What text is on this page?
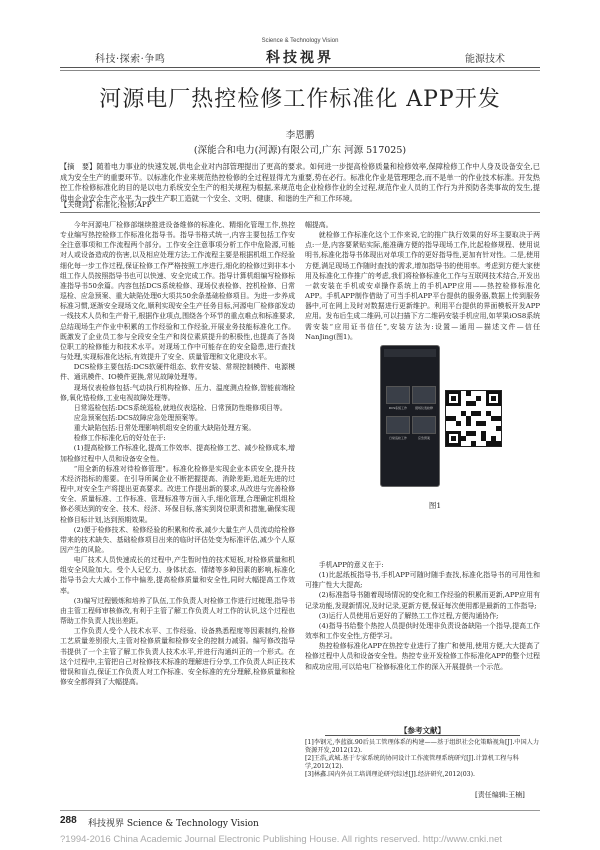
科技·探索·争鸣
Science & Technology Vision
科技视界	能源技术
河源电厂热控检修工作标准化 APP开发
李恩鹏
(深能合和电力(河源)有限公司,广东 河源 517025)
【摘　要】随着电力事业的快速发展,供电企业对内部管理提出了更高的要求。如何进一步提高检修质量和检修效率,保障检修工作中人身及设备安全,已成为安全生产的重要环节。以标准化作业来规范热控检修的全过程显得尤为重要,势在必行。标准化作业是管理理念,而不是单一的作业技术标准。开发热控工作检修标准化的目的是以电力系统安全生产的相关规程为根据,来规范电企业检修作业的全过程,规范作业人员的工作行为并预防各类事故的发生,提供电企业安全生产水平,为一线生产职工造就一个安全、文明、健康、和谐的生产和工作环境。
【关键词】标准化;检修;APP

今年河源电厂检修部继续推进设备维修的标准化、精细化管理工作,热控专业编写热控检修工作标准化指导书。指导书格式统一,内容主要包括工作安全注意事项和工作流程两个部分。工作安全注意事项分析工作中危险源,可能对人或设备造成的伤害,以及相应处理方法;工作流程主要是根据机组工作经验细化每一步工作过程,保证检修工作严格按照工序进行,细化的检修过到非本小组工作人员按照指导书也可以快速、安全完成工作。指导计算机组编写检修标准指导书50余篇。内容包括DCS系统检修、现场仪表检修、控机检修、日常巡检、应急预案、重大缺陷处理6大项共50余条基础检修项目。为进一步养成标准习惯,逐渐安全现场文化,顺利实现安全生产任务目标,河源电厂检修部发动一线技术人员和生产骨干,根据作业项点,围绕各个环节的重点难点和标准要求,总结现场生产作业中积累的工作经验和工作经验,开展业务技能标准化工作。既激发了企业员工参与全段安全生产和岗位素质提升的积极性,也提高了各岗位职工的检修能力和技术水平。对现场工作中可能存在的安全隐患,进行查找与处理,实现标准化达标,有效提升了安全、质量管理和文化建设水平。

DCS检修主要包括:DCS软硬件组态、软件安装、常规控制模件、电源模件、通讯模件、IO模件更换,常见故障处理等。

现场仪表检修包括:气动执行机构检修、压力、温度测点检修,智能前端检修,氧化锆检修,工业电视故障处理等。

日常巡检包括:DCS系统巡检,就地仪表巡检、日常预防性维修项目等。

应急预案包括:DCS故障应急处理预案等。

重大缺陷包括:日常处理影响机组安全的重大缺陷处理方案。

检修工作标准化后的好处在于:

(1)提高检修工作标准化,提高工作效率、提高检修工艺、减少检修成本,增加检修过程中人员和设备安全性。

“用全新的标准对待检修管理”。标准化检修是实现企业本质安全,提升技术经济指标的需要。在引导所属企业不断把握提高、消除差距,追赶先进的过程中,对安全生产将提出更高要求。改进工作提出新的要求,从改进与完善检修安全、质量标准、工作标准、管理标准等方面入手,细化管理,合理确定机组检修必须达到的安全、技术、经济、环保目标,落实到岗位职责和措施,确保实现检修目标计划,达到预期效果。

(2)便于检修技术、检修经验的积累和传承,减少大量生产人员流动给检修带来的技术缺失、基础检修项目出来的临时评估处变为标准评估,减少个人原因产生的风险。

电厂技术人员快速成长的过程中,产生暂时性的技术短板,对检修质量和机组安全风险加大。受个人记忆力、身体状态、情绪等多种因素的影响,标准化指导书会大大减小工作中偏差,提高检修质量和安全性,同时大幅提高工作效率。

(3)编写过程锻炼和培养了队伍,工作负责人对检修工作进行过梳理,指导书由主管工程师审核修改,有利于主管了解工作负责人对工作的认识,这个过程也帮助工作负责人找出差距。

工作负责人受个人技术水平、工作经验、设备熟悉程度等因素制约,检修工艺质量差别很大,主管对检修质量和检修安全的控制力减弱。编写修改指导书提供了一个主管了解工作负责人技术水平,并进行沟通纠正的一个形式。在这个过程中,主管把自己对检修技术标准的理解进行分享,工作负责人纠正技术错误和盲点,保证工作负责人对工作标准、安全标准的充分理解,检修质量和检修安全都得到了大幅提高。

帼提高。

就检修工作标准化这个工作来说,它的推广执行效果的好坏主要取决于两点:一是,内容要紧贴实际,能准确方便的指导现场工作,比起检修规程、使用说明书,标准化指导书体现出对单项工作的更好指导性,更加有针对性。二是,使用方便,满足现场工作随时查找的需求,增加指导书的使用率。考虑到方便大家使用及标准化工作推广的考虑,我们将检修标准化工作与互联网技术结合,开发出一款安装在手机或安卓操作系统上的手机APP应用——热控检修标准化APP。手机APP制作借助了可当手机APP平台提供的服务器,数据上传到服务器中,可在网上及时对数据进行更新维护。利用平台提供的界面模板开发APP应用。发布后生成二维码,可以扫描下方二维码安装手机应用,如苹果iOS8系统需安装“应用证书信任”,安装方法为:设置—通用—描述文件—信任NanJing(图1)。

DCS系统工作	现场仪表检修
日常巡检工作	应急预案
图1

手机APP的意义在于:

(1)比起纸板指导书,手机APP可随时随手查找,标准化指导书的可用性和可推广性大大提高;

(2)标准指导书随着现场情况的变化和工作经验的积累而更新,APP应用有记录功能,发现新情况,及时记录,更新方便,保证每次使用都是最新的工作指导;

(3)运行人员使用后更好的了解热工工作过程,方便沟通协作;

(4)指导书给整个热控人员提供时处理非负责设备缺陷一个指导,提高工作效率和工作安全性,方便学习。

热控检修标准化APP在热控专业进行了推广和使用,使用方便,大大提高了检修过程中人员和设备安全性。热控专业开发检修工作标准化APP的整个过程和成功应用,可以给电厂检修标准化工作的深入开展提供一个示范。

【参考文献】
[1]李钢元,李蓝旗.90后员工管理体系的构建——基于组织社会化策略视角[J].中国人力资源开发,2012(12).
[2]王浩,武城.基于专家系统的协同设计工作流管理系统研究[J].计算机工程与科学,2012(12).
[3]林鑫.国内外员工培训理论研究综述[J].经济研究,2012(03).
[责任编辑:王楠]
288 科技视界 Science & Technology Vision
?1994-2016 China Academic Journal Electronic Publishing House. All rights reserved. http://www.cnki.net
